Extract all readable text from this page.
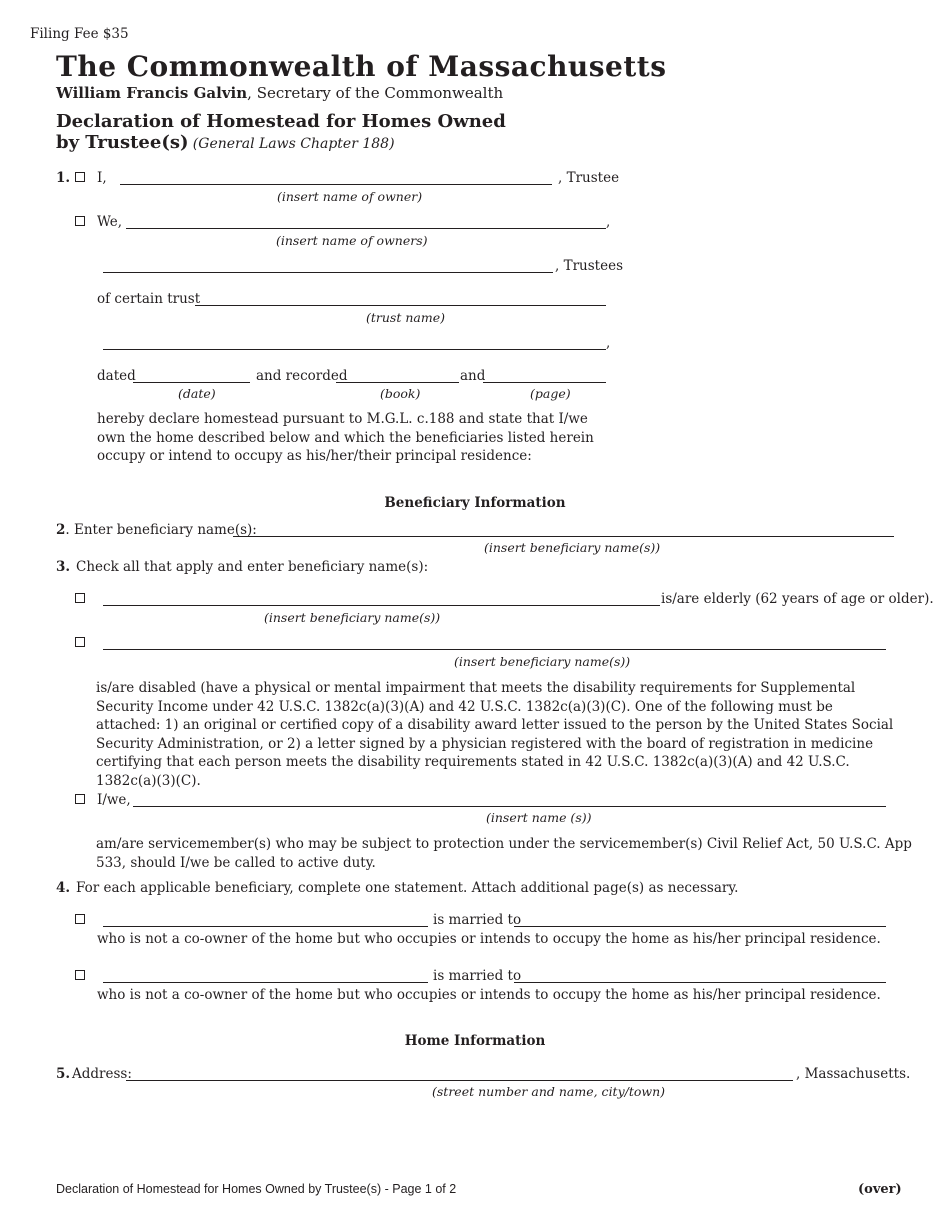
Filing Fee $35
The Commonwealth of Massachusetts
William Francis Galvin, Secretary of the Commonwealth
Declaration of Homestead for Homes Owned
by Trustee(s) (General Laws Chapter 188)
1. I,	, Trustee
(insert name of owner)
We,	,
(insert name of owners)
, Trustees
of certain trust
(trust name)
,
dated	and recorded	and
(date)	(book)	(page)
hereby declare homestead pursuant to M.G.L. c.188 and state that I/we own the home described below and which the beneficiaries listed herein occupy or intend to occupy as his/her/their principal residence:
Beneficiary Information
2. Enter beneficiary name(s):
(insert beneficiary name(s))
3. Check all that apply and enter beneficiary name(s):
is/are elderly (62 years of age or older).
(insert beneficiary name(s))
(insert beneficiary name(s))
is/are disabled (have a physical or mental impairment that meets the disability requirements for Supplemental Security Income under 42 U.S.C. 1382c(a)(3)(A) and 42 U.S.C. 1382c(a)(3)(C). One of the following must be attached: 1) an original or certified copy of a disability award letter issued to the person by the United States Social Security Administration, or 2) a letter signed by a physician registered with the board of registration in medicine certifying that each person meets the disability requirements stated in 42 U.S.C. 1382c(a)(3)(A) and 42 U.S.C. 1382c(a)(3)(C).
I/we,
(insert name (s))
am/are servicemember(s) who may be subject to protection under the servicemember(s) Civil Relief Act, 50 U.S.C. App 533, should I/we be called to active duty.
4. For each applicable beneficiary, complete one statement. Attach additional page(s) as necessary.
is married to
who is not a co-owner of the home but who occupies or intends to occupy the home as his/her principal residence.
is married to
who is not a co-owner of the home but who occupies or intends to occupy the home as his/her principal residence.
Home Information
5. Address:	, Massachusetts.
(street number and name, city/town)
Declaration of Homestead for Homes Owned by Trustee(s) - Page 1 of 2	(over)
